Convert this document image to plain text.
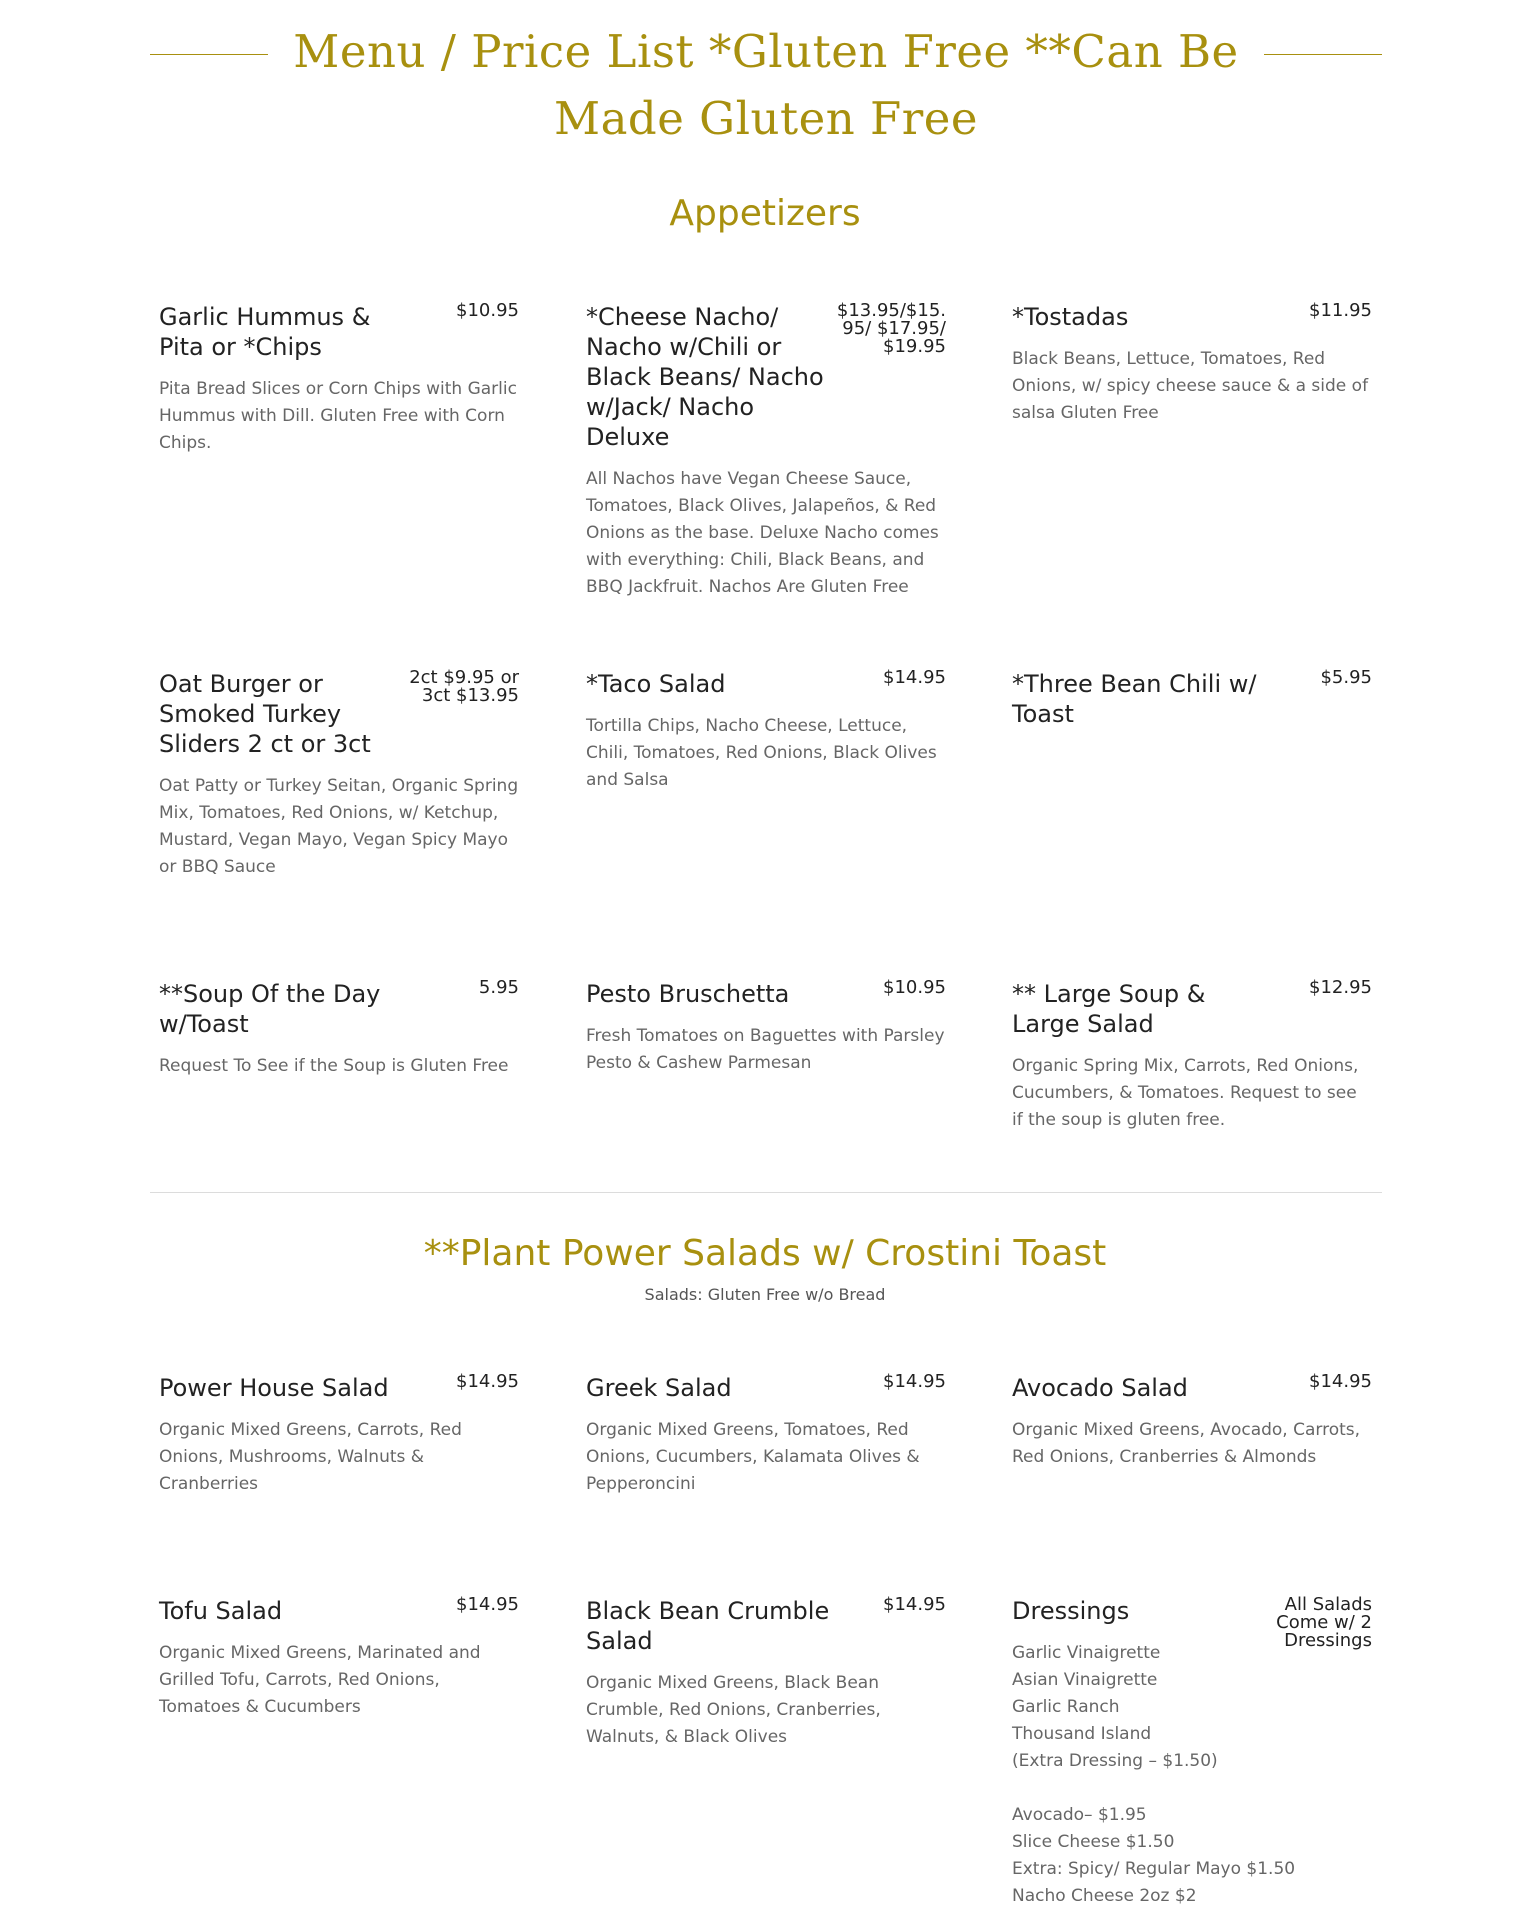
Menu / Price List *Gluten Free **Can Be Made Gluten Free
Appetizers
Garlic Hummus & Pita or *Chips
$10.95
Pita Bread Slices or Corn Chips with Garlic Hummus with Dill. Gluten Free with Corn Chips.
*Cheese Nacho/ Nacho w/Chili or Black Beans/ Nacho w/Jack/ Nacho Deluxe
$13.95/$15.95/ $17.95/$19.95
All Nachos have Vegan Cheese Sauce, Tomatoes, Black Olives, Jalapeños, & Red Onions as the base. Deluxe Nacho comes with everything: Chili, Black Beans, and BBQ Jackfruit. Nachos Are Gluten Free
*Tostadas	$11.95
Black Beans, Lettuce, Tomatoes, Red Onions, w/ spicy cheese sauce & a side of salsa Gluten Free
Oat Burger or Smoked Turkey Sliders 2 ct or 3ct
2ct $9.95 or 3ct $13.95
Oat Patty or Turkey Seitan, Organic Spring Mix, Tomatoes, Red Onions, w/ Ketchup, Mustard, Vegan Mayo, Vegan Spicy Mayo or BBQ Sauce
*Taco Salad	$14.95
Tortilla Chips, Nacho Cheese, Lettuce, Chili, Tomatoes, Red Onions, Black Olives and Salsa
*Three Bean Chili w/ Toast
$5.95
**Soup Of the Day w/Toast
5.95
Request To See if the Soup is Gluten Free
Pesto Bruschetta	$10.95
Fresh Tomatoes on Baguettes with Parsley Pesto & Cashew Parmesan
** Large Soup & Large Salad
$12.95
Organic Spring Mix, Carrots, Red Onions, Cucumbers, & Tomatoes. Request to see if the soup is gluten free.
**Plant Power Salads w/ Crostini Toast
Salads: Gluten Free w/o Bread
Power House Salad	$14.95
Organic Mixed Greens, Carrots, Red Onions, Mushrooms, Walnuts & Cranberries
Greek Salad	$14.95
Organic Mixed Greens, Tomatoes, Red Onions, Cucumbers, Kalamata Olives & Pepperoncini
Avocado Salad	$14.95
Organic Mixed Greens, Avocado, Carrots, Red Onions, Cranberries & Almonds
Tofu Salad	$14.95
Organic Mixed Greens, Marinated and Grilled Tofu, Carrots, Red Onions, Tomatoes & Cucumbers
Black Bean Crumble Salad
$14.95
Organic Mixed Greens, Black Bean Crumble, Red Onions, Cranberries, Walnuts, & Black Olives
Dressings	All Salads Come w/ 2 Dressings
Garlic Vinaigrette
Asian Vinaigrette
Garlic Ranch
Thousand Island
(Extra Dressing – $1.50)

Avocado– $1.95
Slice Cheese $1.50
Extra: Spicy/ Regular Mayo $1.50
Nacho Cheese 2oz $2
